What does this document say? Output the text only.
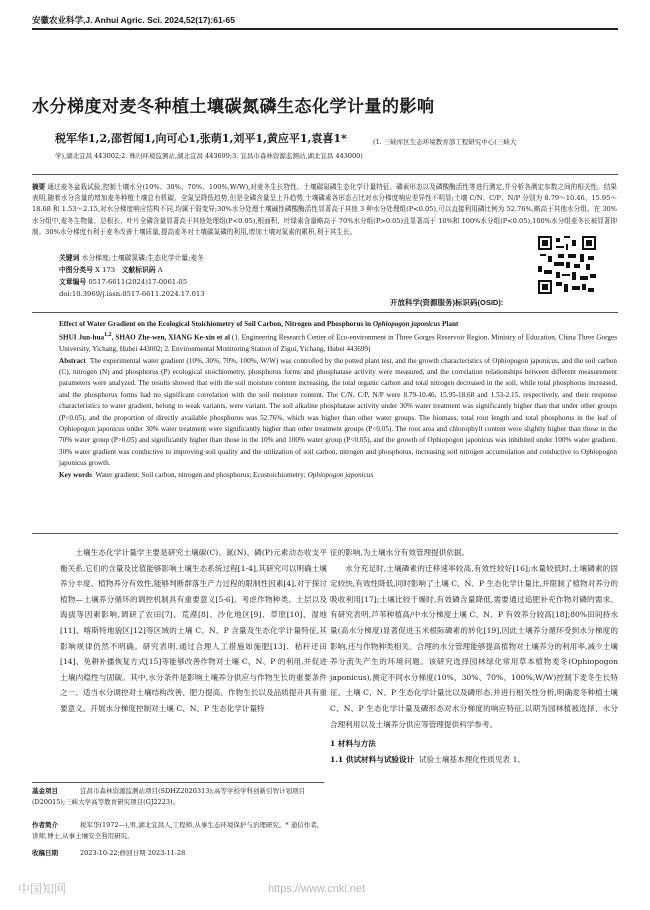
安徽农业科学,J. Anhui Agric. Sci. 2024,52(17):61-65
水分梯度对麦冬种植土壤碳氮磷生态化学计量的影响
税军华1,2,邵哲闻1,向可心1,张萌1,刘平1,黄应平1,袁喜1*	(1. 三峡库区生态环境教育部工程研究中心(三峡大
学),湖北宜昌 443002;2. 株归环境监测站,湖北宜昌 443699;3. 宜昌市森林资源监测站,湖北宜昌 443000)
摘要 通过麦冬盆栽试验,控制土壤水分(10%、30%、70%、100%,W/W),对麦冬生长特性、土壤碳氮磷生态化学计量特征、磷素形态以及磷酸酶活性等进行测定,并分析各测定参数之间的相关性。结果表明,随着水分含量的增加麦冬种植土壤总有机碳、全氮呈降低趋势,但是全磷含量呈上升趋势,土壤磷素各形态占比对水分梯度响应差异性不明显;土壤 C/N、C/P、N/P 分别为 8.79～10.46、15.95～18.68 和 1.53～2.15,对水分梯度响应结构不同,均属于弱变异;30%水分处理土壤碱性磷酸酶活性显著高于其他 3 种水分处理组(P<0.05),可以直接利用磷比例为 52.76%,略高于其他水分组。在 30%水分组中,麦冬生物量、总根长、叶片全磷含量显著高于其他处理组(P<0.05),根面积、叶绿素含量略高于 70%水分组(P>0.05)且显著高于 10%和 100%水分组(P<0.05),100%水分组麦冬长被显著抑制。30%水分梯度有利于麦冬改善土壤质量,提高麦冬对土壤碳氮磷的利用,增加土壤对氮素的累积,利于其生长。
关键词 水分梯度;土壤碳氮磷;生态化学计量;麦冬
中图分类号 X 173 文献标识码 A
文章编号 0517-6611(2024)17-0061-05
doi:10.3969/j.issn.0517-6611.2024.17.013
开放科学(资源服务)标识码(OSID):
Effect of Water Gradient on the Ecological Stoichiometry of Soil Carbon, Nitrogen and Phosphorus in Ophiopogon japonicus Plant
SHUI Jun-hua$^{1,2}$, SHAO Zhe-wen, XIANG Ke-xin et al (1. Engineering Research Center of Eco-environment in Three Gorges Reservoir Region, Ministry of Education, China Three Gorges University, Yichang, Hubei 443002; 2. Environmental Monitoring Station of Zigui, Yichang, Hubei 443699)
Abstract The experimental water gradient (10%, 30%, 70%, 100%, W/W) was controlled by the potted plant test, and the growth characteristics of Ophiopogon japonicus, and the soil carbon (C), nitrogen (N) and phosphorus (P) ecological stoichiometry, phosphorus forms and phosphatase activity were measured, and the correlation relationships between different measurement parameters were analyzed. The results showed that with the soil moisture content increasing, the total organic carbon and total nitrogen decreased in the soil, while total phosphorus increased, and the phosphorus forms had no significant correlation with the soil moisture content. The C/N, C/P, N/P were 8.79-10.46, 15.95-18.68 and 1.53-2.15, respectively, and their response characteristics to water gradient, belong to weak variants, were variant. The soil alkaline phosphatase activity under 30% water treatment was significantly higher than that under other groups (P<0.05), and the proportion of directly available phosphorus was 52.76%, which was higher than other water groups. The biomass, total root length and total phosphorus in the leaf of Ophiopogon japonicus under 30% water treatment were significantly higher than other treatment groups (P<0.05). The root area and chlorophyll content were slightly higher than those in the 70% water group (P>0.05) and significantly higher than those in the 10% and 100% water group (P<0.05), and the growth of Ophiopogon japonicus was inhibited under 100% water gradient. 30% water gradient was conductive to improving soil quality and the utilization of soil carbon, nitrogen and phosphorus, increasing soil nitrogen accumulation and conductive to Ophiopogon japonicus growth.
Key words Water gradient; Soil carbon, nitrogen and phosphorus; Ecostoichiometry; Ophiopogon japonicus
土壤生态化学计量学主要是研究土壤碳(C)、氮(N)、磷(P)元素动态收支平衡关系,它们的含量及比值能够影响土壤生态系统过程[1-4],其研究可以明确土壤养分丰度、植物养分有效性,能够判断群落生产力过程的限制性因素[4],对于探讨植物—土壤养分循环的调控机制具有重要意义[5-6]。考虑作物种类、土层以及海拔等因素影响,调研了农田[7]、荒漠[8]、沙化地区[9]、草原[10]、湿地[11]、喀斯特地貌区[12]等区域的土壤 C、N、P 含量及生态化学计量特征,其影响规律仍然不明确。研究表明,通过合理人工措施如施肥[13]、秸秆还田[14]、免耕补播恢复方式[15]等能够改善作物对土壤 C、N、P 的利用,并促进土壤内稳性与固碳。其中,水分条件是影响土壤养分供应与作物生长的重要条件之一。适当水分调控对土壤结构改善、肥力提高、作物生长以及品质提升具有重要意义。开展水分梯度控制对土壤 C、N、P 生态化学计量特
征的影响,为土壤水分有效管理提供依据。
水分充足时,土壤磷素的迁移速率较高,有效性较好[16];水量较低时,土壤磷素的固定较快,有效性降低,同时影响了土壤 C、N、P 生态化学计量比,并限制了植物对养分的吸收利用[17];土壤比较干燥时,有效磷含量降低,需要通过追肥补充作物对磷的需求。有研究表明,芦苇种植高/中水分梯度土壤 C、N、P 有效养分较高[18];80%田间持水量(高水分梯度)显著促进玉米根际磷素的转化[19],因此土壤养分循环受到水分梯度的影响,还与作物种类相关。合理的水分管理能够提高植物对土壤养分的利用率,减少土壤养分流失产生的环境问题。该研究选择园林绿化常用草本植物麦冬(Ophiopogon japonicus),测定不同水分梯度(10%、30%、70%、100%,W/W)控制下麦冬生长特征、土壤 C、N、P 生态化学计量比以及磷形态,并进行相关性分析,明确麦冬种植土壤 C、N、P 生态化学计量及磷形态对水分梯度的响应特征,以期为园林植被选择、水分合理利用以及土壤养分供应等管理提供科学参考。
1 材料与方法
1.1 供试材料与试验设计 试验土壤基本理化性质见表 1。
基金项目	宜昌市森林资源监测站项目(SDHZ2020313);高等学校学科创新引智计划项目(D20015);三峡大学高等教育研究项目(GJ2223)。
作者简介	税军华(1972—),男,湖北宜昌人,工程师,从事生态环境保护与治理研究。* 通信作者,讲师,博士,从事土壤安全利用研究。
收稿日期	2023-10-22;修回日期 2023-11-28
中国知网	https://www.cnki.net
